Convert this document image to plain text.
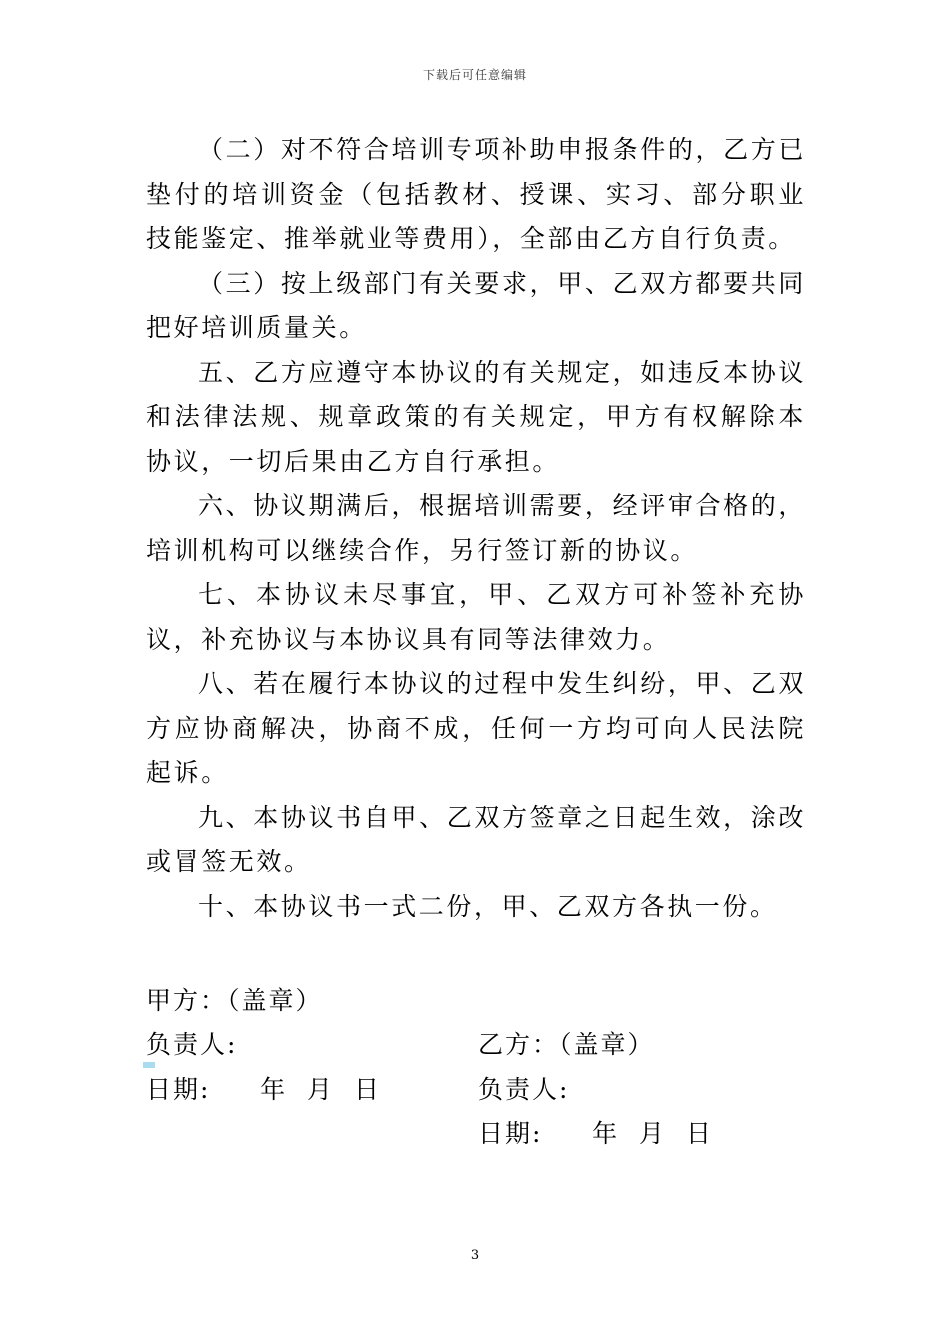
下载后可任意编辑

（二）对不符合培训专项补助申报条件的，乙方已垫付的培训资金（包括教材、授课、实习、部分职业技能鉴定、推举就业等费用），全部由乙方自行负责。

（三）按上级部门有关要求，甲、乙双方都要共同把好培训质量关。

五、乙方应遵守本协议的有关规定，如违反本协议和法律法规、规章政策的有关规定，甲方有权解除本协议，一切后果由乙方自行承担。

六、协议期满后，根据培训需要，经评审合格的，培训机构可以继续合作，另行签订新的协议。

七、本协议未尽事宜，甲、乙双方可补签补充协议，补充协议与本协议具有同等法律效力。

八、若在履行本协议的过程中发生纠纷，甲、乙双方应协商解决，协商不成，任何一方均可向人民法院起诉。

九、本协议书自甲、乙双方签章之日起生效，涂改或冒签无效。

十、本协议书一式二份，甲、乙双方各执一份。

甲方：（盖章）

乙方：（盖章）

负责人:

负责人:

日期:     年  月  日

日期:     年  月  日

3
